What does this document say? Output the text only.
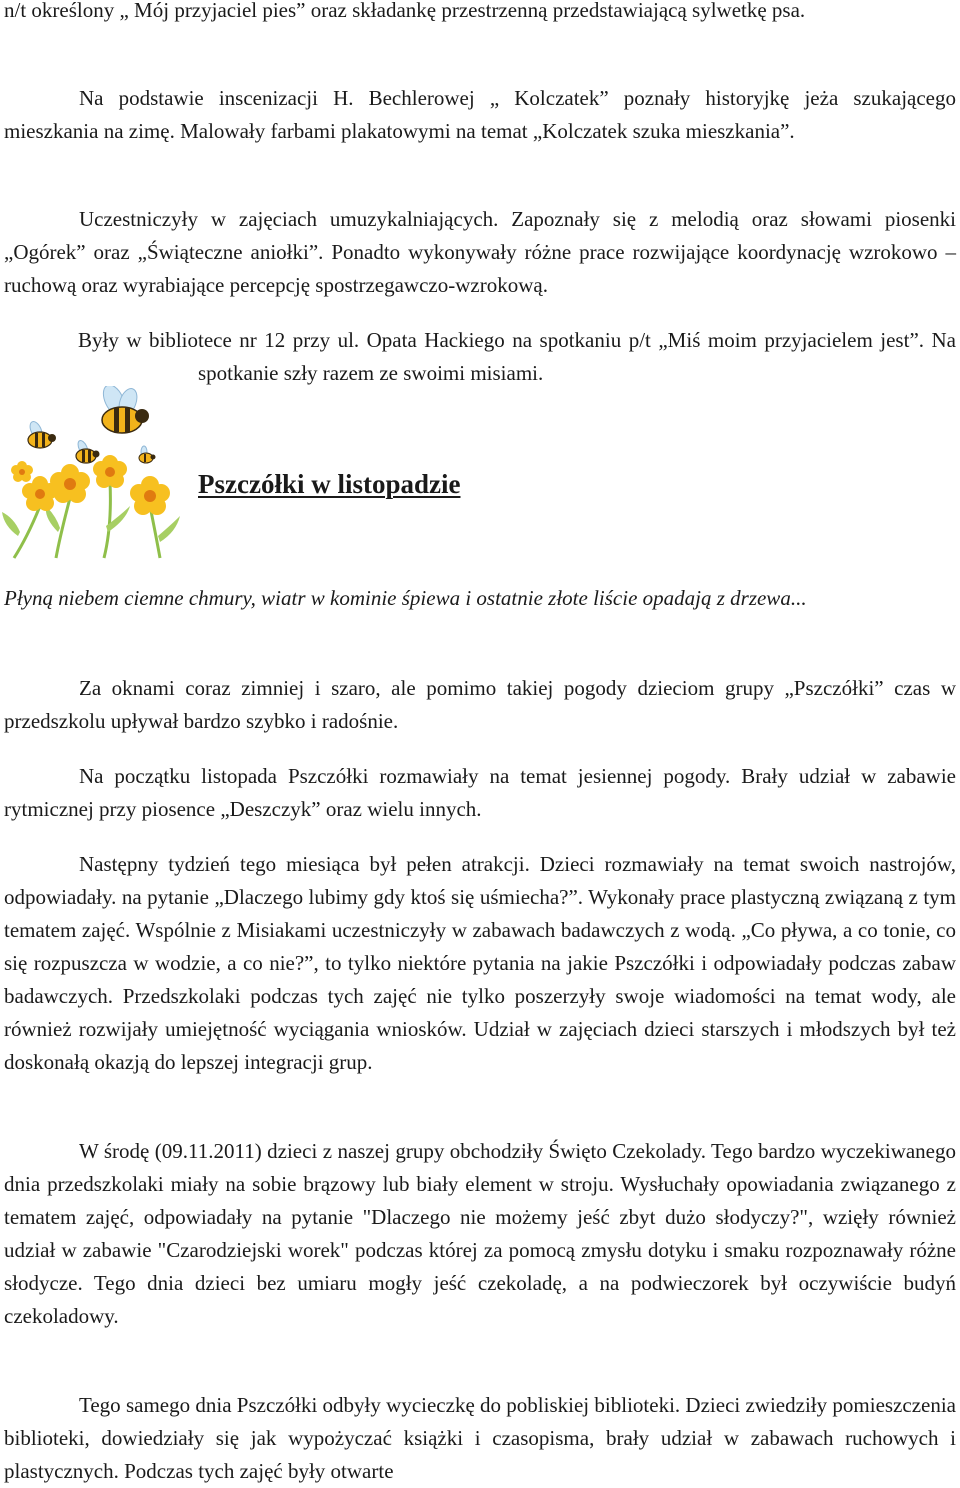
n/t określony „ Mój przyjaciel pies” oraz składankę przestrzenną przedstawiającą sylwetkę psa.

Na podstawie inscenizacji H. Bechlerowej „ Kolczatek” poznały historyjkę jeża szukającego mieszkania na zimę. Malowały farbami plakatowymi na temat „Kolczatek szuka mieszkania”.

Uczestniczyły w zajęciach umuzykalniających. Zapoznały się z melodią oraz słowami piosenki „Ogórek” oraz „Świąteczne aniołki”. Ponadto wykonywały różne prace rozwijające koordynację wzrokowo –ruchową oraz wyrabiające percepcję spostrzegawczo-wzrokową.

Były w bibliotece nr 12 przy ul. Opata Hackiego na spotkaniu p/t „Miś moim przyjacielem jest”. Na spotkanie szły razem ze swoimi misiami.

Pszczółki w listopadzie

Płyną niebem ciemne chmury, wiatr w kominie śpiewa i ostatnie złote liście opadają z drzewa...

Za oknami coraz zimniej i szaro, ale pomimo takiej pogody dzieciom grupy „Pszczółki” czas w przedszkolu upływał bardzo szybko i radośnie.

Na początku listopada Pszczółki rozmawiały na temat jesiennej pogody. Brały udział w zabawie rytmicznej przy piosence „Deszczyk” oraz wielu innych.

Następny tydzień tego miesiąca był pełen atrakcji. Dzieci rozmawiały na temat swoich nastrojów, odpowiadały. na pytanie „Dlaczego lubimy gdy ktoś się uśmiecha?”. Wykonały prace plastyczną związaną z tym tematem zajęć. Wspólnie z Misiakami uczestniczyły w zabawach badawczych z wodą. „Co pływa, a co tonie, co się rozpuszcza w wodzie, a co nie?”, to tylko niektóre pytania na jakie Pszczółki i odpowiadały podczas zabaw badawczych. Przedszkolaki podczas tych zajęć nie tylko poszerzyły swoje wiadomości na temat wody, ale również rozwijały umiejętność wyciągania wniosków. Udział w zajęciach dzieci starszych i młodszych był też doskonałą okazją do lepszej integracji grup.

W środę (09.11.2011) dzieci z naszej grupy obchodziły Święto Czekolady. Tego bardzo wyczekiwanego dnia przedszkolaki miały na sobie brązowy lub biały element w stroju. Wysłuchały opowiadania związanego z tematem zajęć, odpowiadały na pytanie "Dlaczego nie możemy jeść zbyt dużo słodyczy?", wzięły również udział w zabawie "Czarodziejski worek" podczas której za pomocą zmysłu dotyku i smaku rozpoznawały różne słodycze. Tego dnia dzieci bez umiaru mogły jeść czekoladę, a na podwieczorek był oczywiście budyń czekoladowy.

Tego samego dnia Pszczółki odbyły wycieczkę do pobliskiej biblioteki. Dzieci zwiedziły pomieszczenia biblioteki, dowiedziały się jak wypożyczać książki i czasopisma, brały udział w zabawach ruchowych i plastycznych. Podczas tych zajęć były otwarte
